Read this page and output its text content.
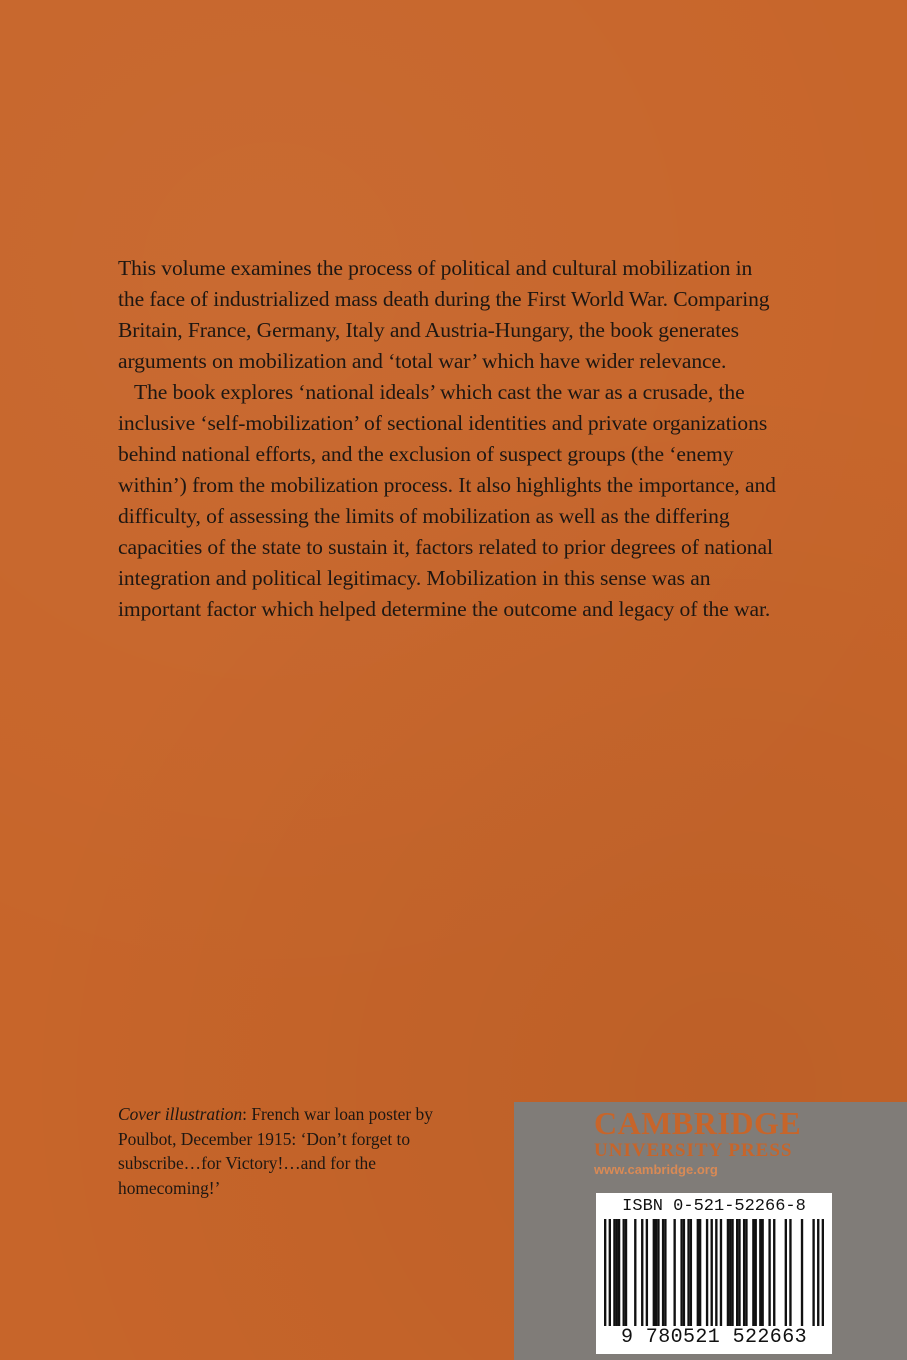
This volume examines the process of political and cultural mobilization in the face of industrialized mass death during the First World War. Comparing Britain, France, Germany, Italy and Austria-Hungary, the book generates arguments on mobilization and ‘total war’ which have wider relevance.

The book explores ‘national ideals’ which cast the war as a crusade, the inclusive ‘self-mobilization’ of sectional identities and private organizations behind national efforts, and the exclusion of suspect groups (the ‘enemy within’) from the mobilization process. It also highlights the importance, and difficulty, of assessing the limits of mobilization as well as the differing capacities of the state to sustain it, factors related to prior degrees of national integration and political legitimacy. Mobilization in this sense was an important factor which helped determine the outcome and legacy of the war.

Cover illustration: French war loan poster by Poulbot, December 1915: ‘Don’t forget to subscribe…for Victory!…and for the homecoming!’
CAMBRIDGE
UNIVERSITY PRESS
www.cambridge.org
ISBN 0-521-52266-8
9 780521 522663
